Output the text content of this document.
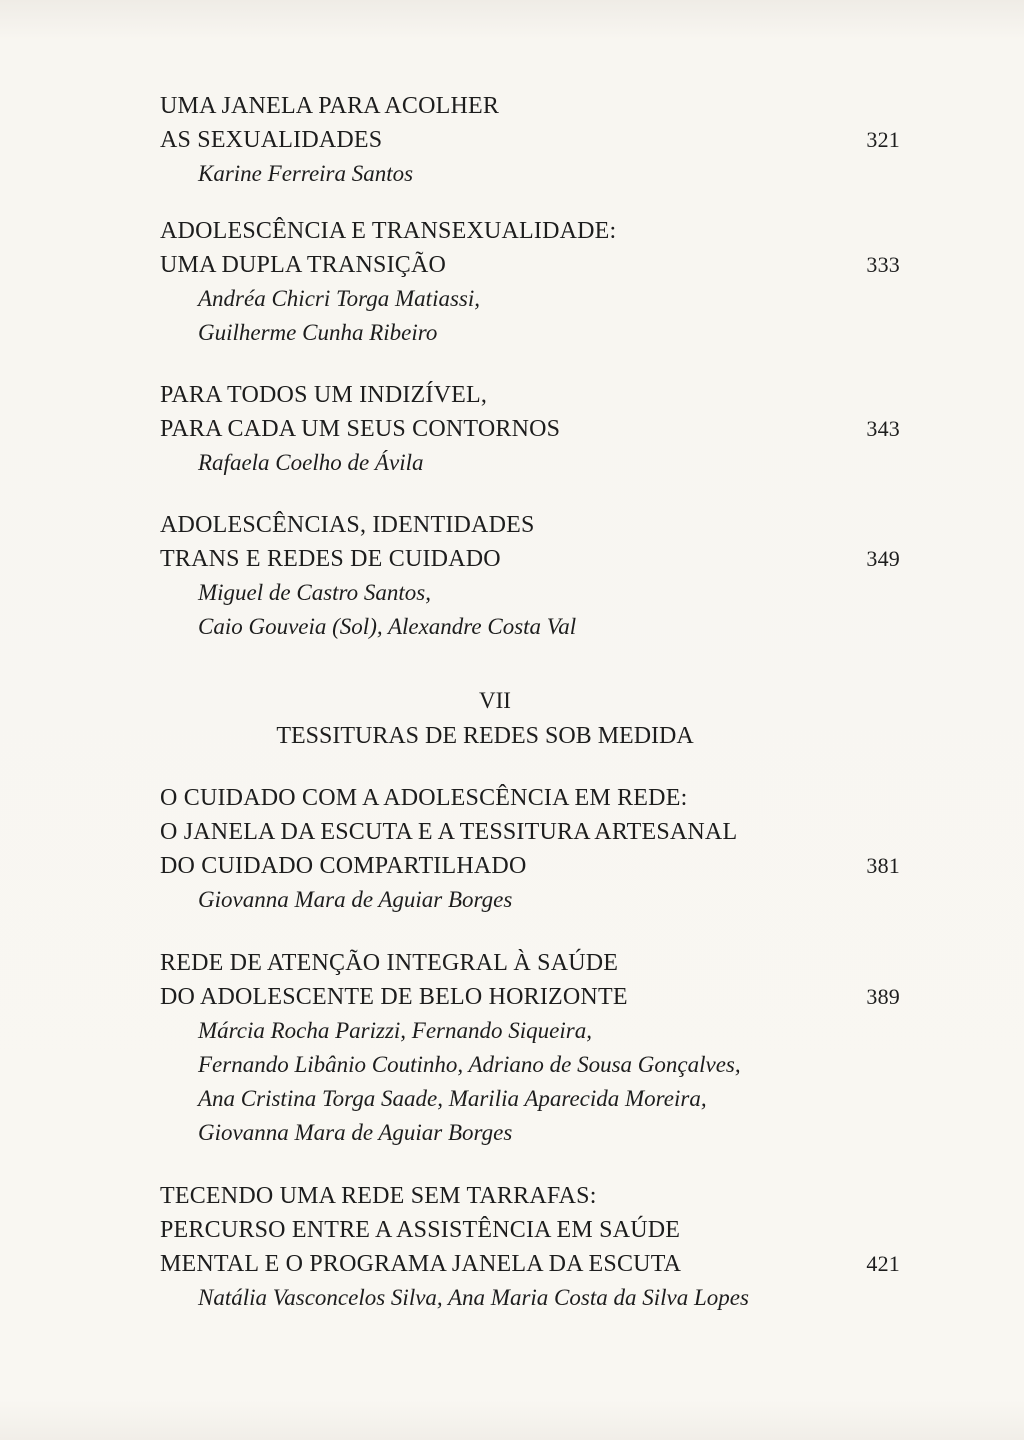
UMA JANELA PARA ACOLHER
AS SEXUALIDADES	321
Karine Ferreira Santos
ADOLESCÊNCIA E TRANSEXUALIDADE:
UMA DUPLA TRANSIÇÃO	333
Andréa Chicri Torga Matiassi,
Guilherme Cunha Ribeiro
PARA TODOS UM INDIZÍVEL,
PARA CADA UM SEUS CONTORNOS	343
Rafaela Coelho de Ávila
ADOLESCÊNCIAS, IDENTIDADES
TRANS E REDES DE CUIDADO	349
Miguel de Castro Santos,
Caio Gouveia (Sol), Alexandre Costa Val
VII
TESSITURAS DE REDES SOB MEDIDA
O CUIDADO COM A ADOLESCÊNCIA EM REDE:
O JANELA DA ESCUTA E A TESSITURA ARTESANAL
DO CUIDADO COMPARTILHADO	381
Giovanna Mara de Aguiar Borges
REDE DE ATENÇÃO INTEGRAL À SAÚDE
DO ADOLESCENTE DE BELO HORIZONTE	389
Márcia Rocha Parizzi, Fernando Siqueira,
Fernando Libânio Coutinho, Adriano de Sousa Gonçalves,
Ana Cristina Torga Saade, Marilia Aparecida Moreira,
Giovanna Mara de Aguiar Borges
TECENDO UMA REDE SEM TARRAFAS:
PERCURSO ENTRE A ASSISTÊNCIA EM SAÚDE
MENTAL E O PROGRAMA JANELA DA ESCUTA	421
Natália Vasconcelos Silva, Ana Maria Costa da Silva Lopes
